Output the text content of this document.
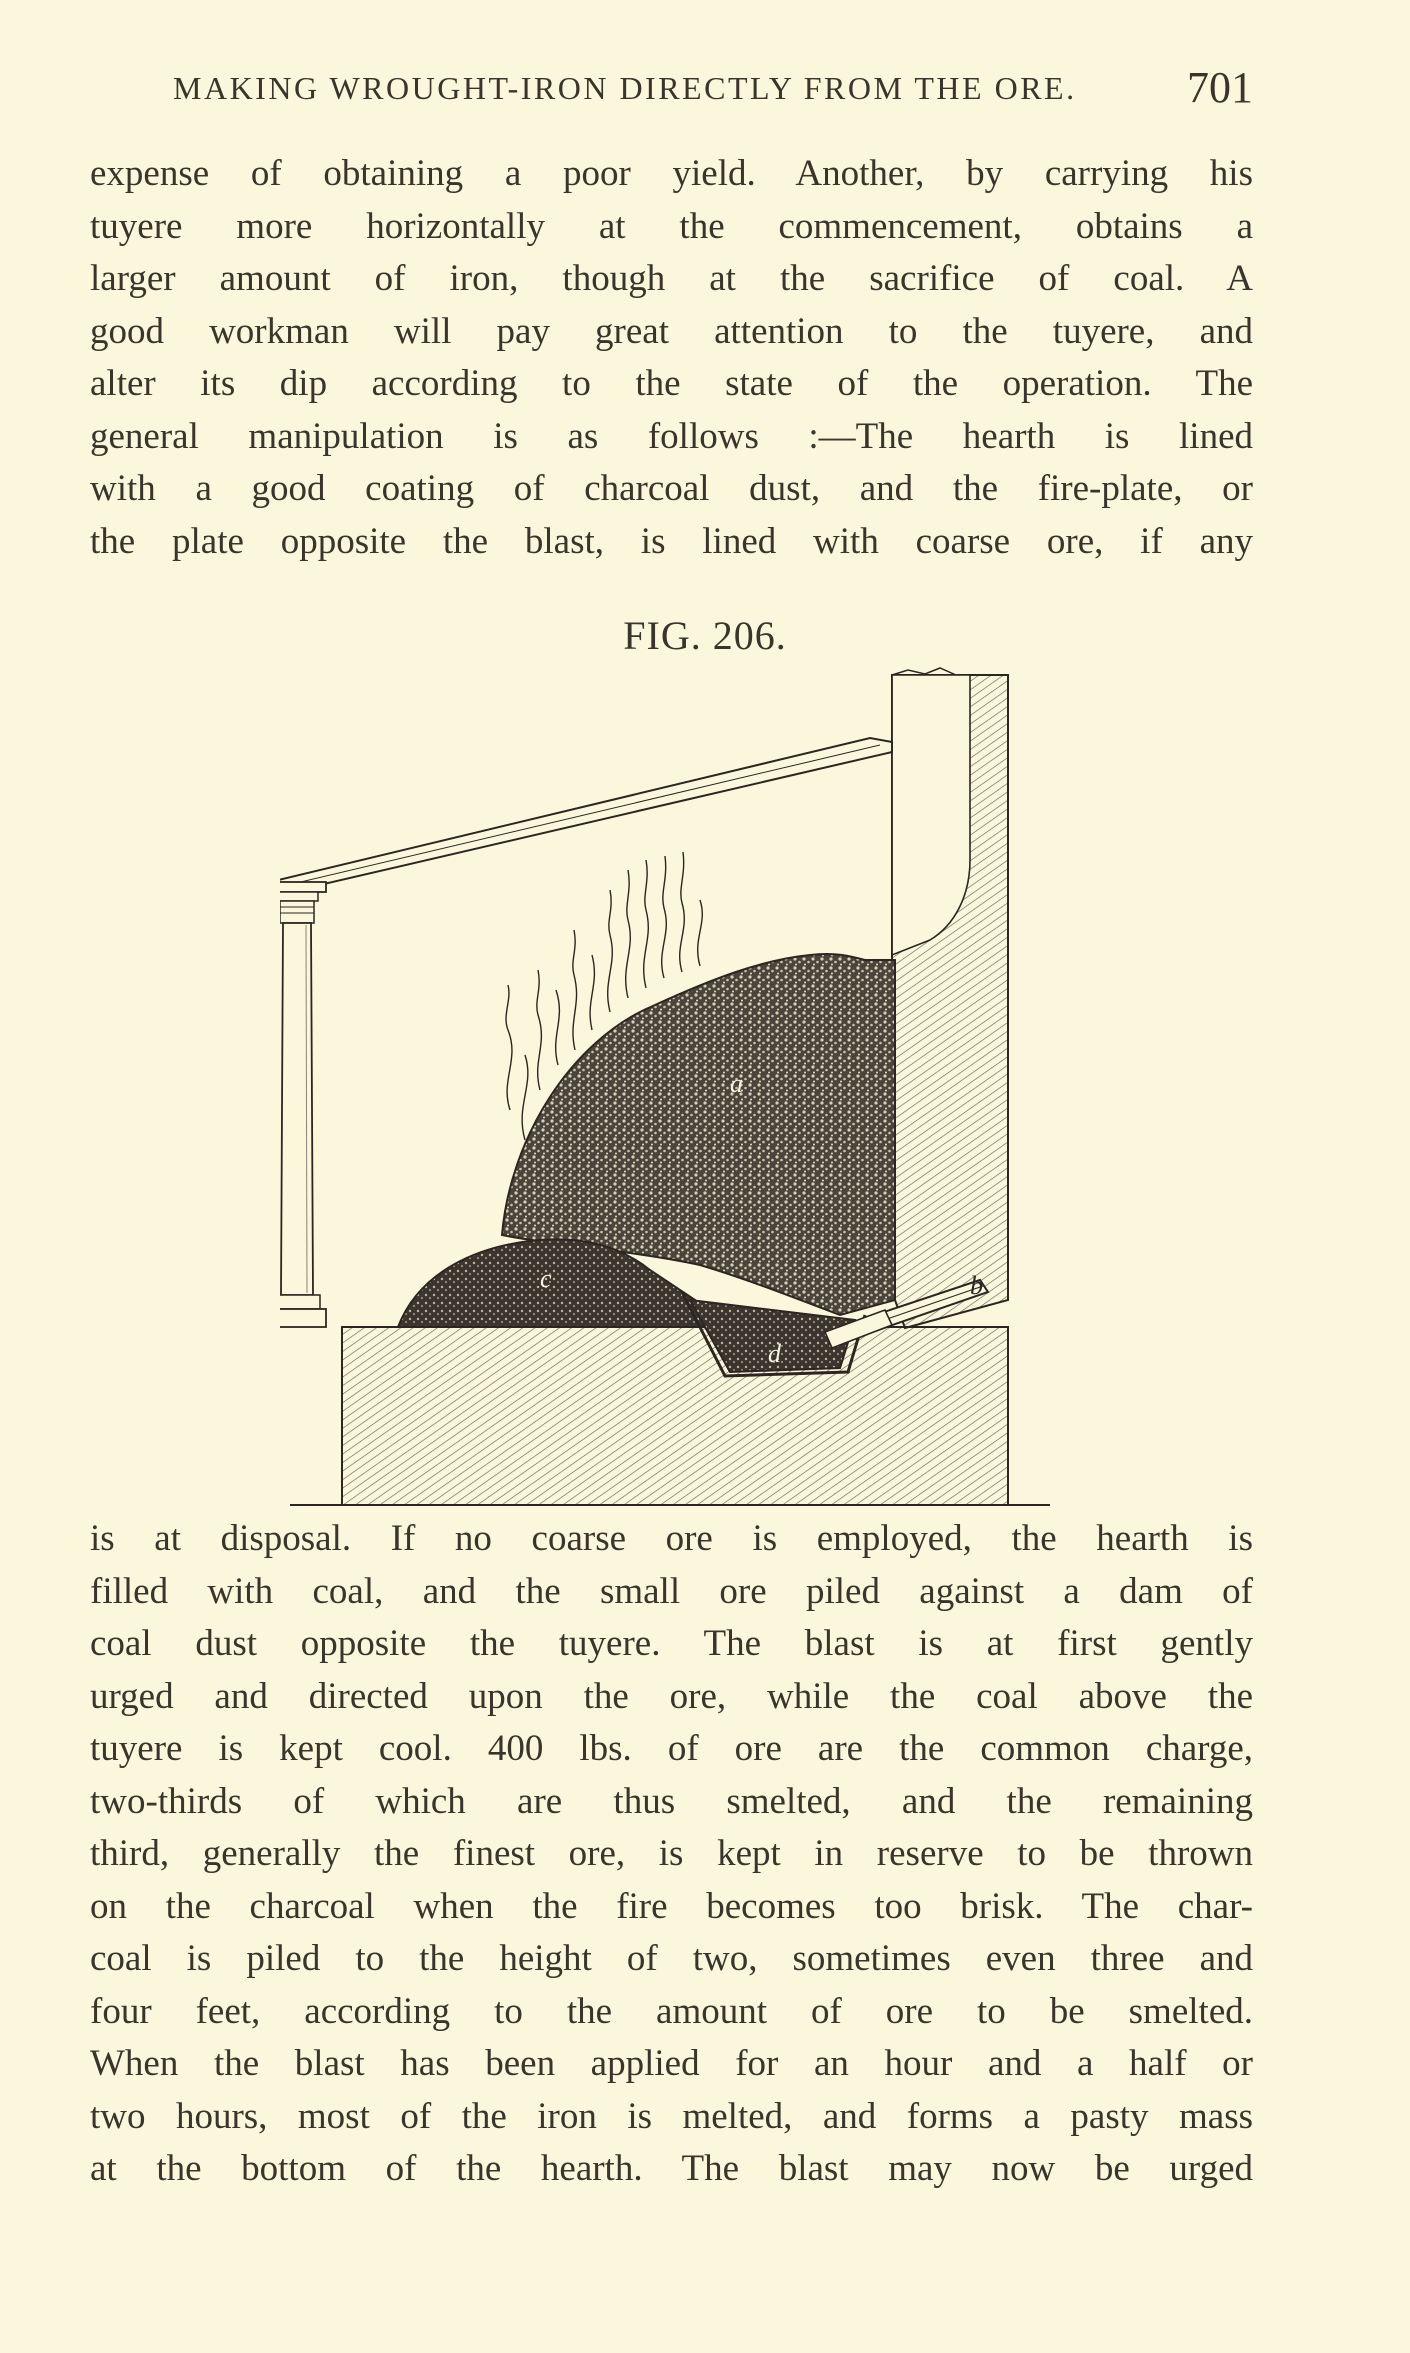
MAKING WROUGHT-IRON DIRECTLY FROM THE ORE.	701
expense of obtaining a poor yield. Another, by carrying his
tuyere more horizontally at the commencement, obtains a
larger amount of iron, though at the sacrifice of coal. A
good workman will pay great attention to the tuyere, and
alter its dip according to the state of the operation. The
general manipulation is as follows :—The hearth is lined
with a good coating of charcoal dust, and the fire-plate, or
the plate opposite the blast, is lined with coarse ore, if any
FIG. 206.
a
c
d
b
is at disposal. If no coarse ore is employed, the hearth is
filled with coal, and the small ore piled against a dam of
coal dust opposite the tuyere. The blast is at first gently
urged and directed upon the ore, while the coal above the
tuyere is kept cool. 400 lbs. of ore are the common charge,
two-thirds of which are thus smelted, and the remaining
third, generally the finest ore, is kept in reserve to be thrown
on the charcoal when the fire becomes too brisk. The char-
coal is piled to the height of two, sometimes even three and
four feet, according to the amount of ore to be smelted.
When the blast has been applied for an hour and a half or
two hours, most of the iron is melted, and forms a pasty mass
at the bottom of the hearth. The blast may now be urged
